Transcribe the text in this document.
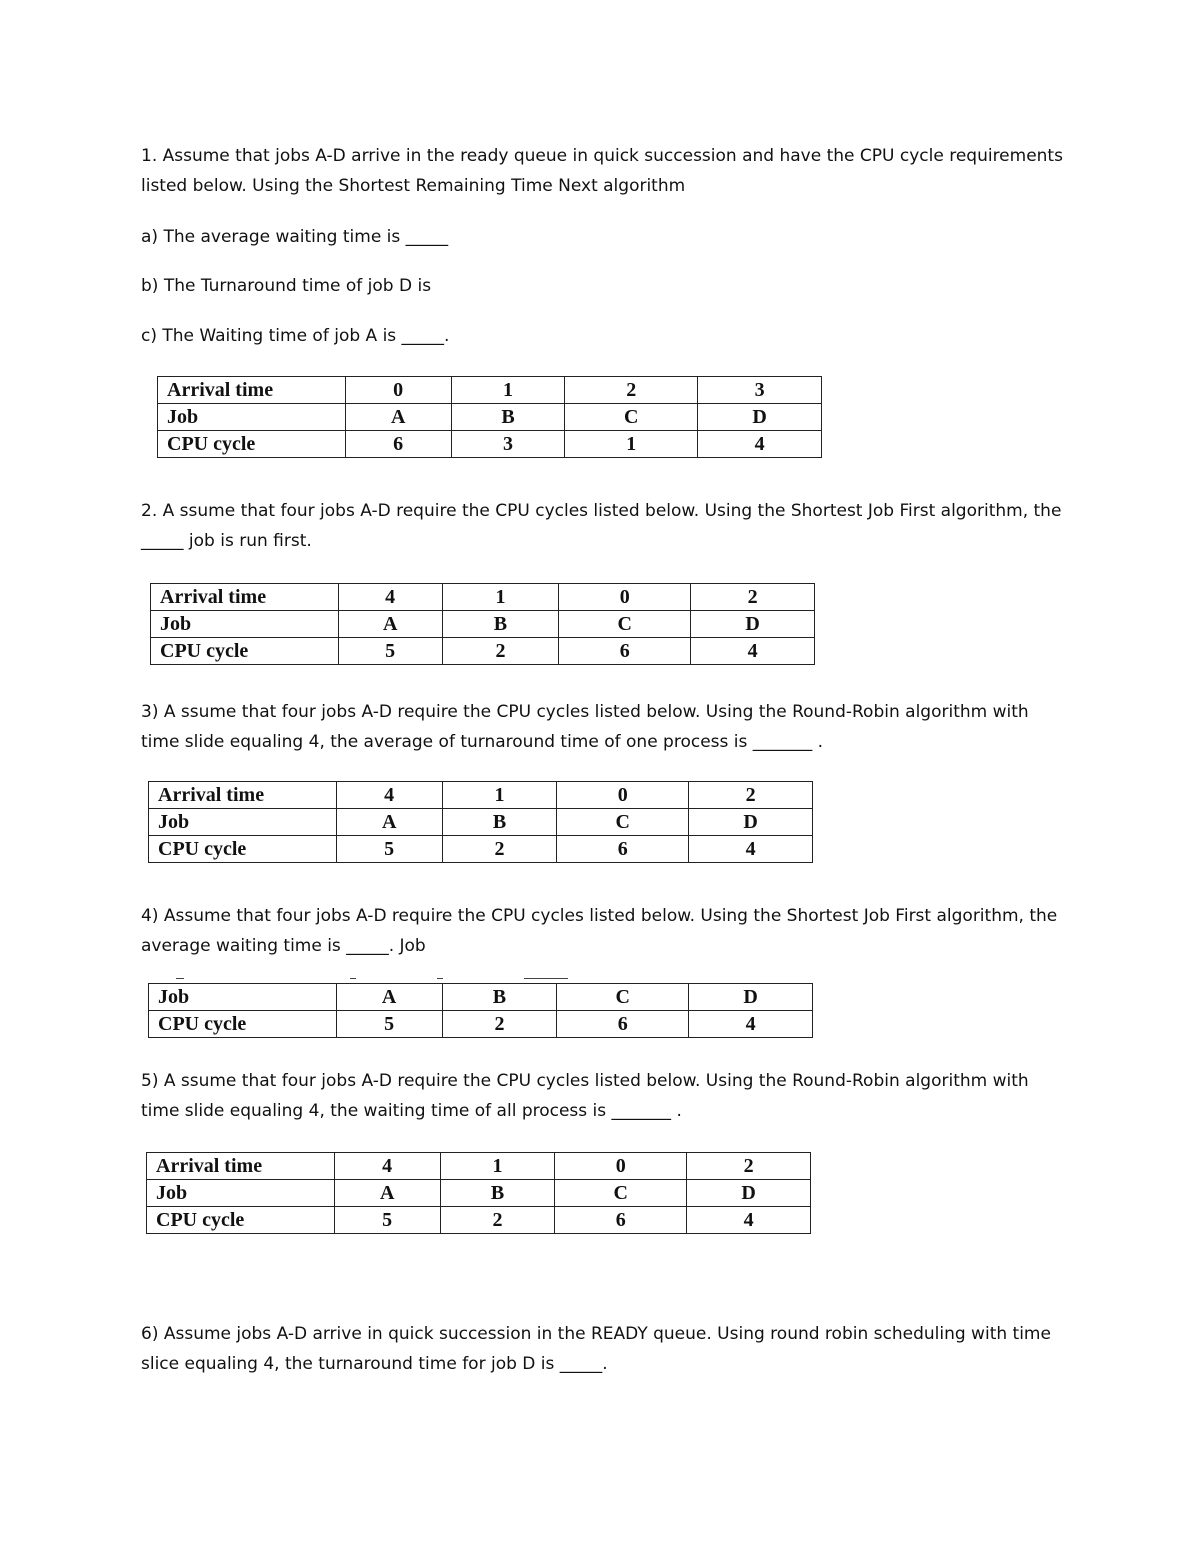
1. Assume that jobs A-D arrive in the ready queue in quick succession and have the CPU cycle requirements listed below. Using the Shortest Remaining Time Next algorithm

a) The average waiting time is _____

b) The Turnaround time of job D is

c) The Waiting time of job A is _____.

Arrival time	0	1	2	3
Job	A	B	C	D
CPU cycle	6	3	1	4

2. A ssume that four jobs A-D require the CPU cycles listed below. Using the Shortest Job First algorithm, the _____ job is run first.

Arrival time	4	1	0	2
Job	A	B	C	D
CPU cycle	5	2	6	4

3) A ssume that four jobs A-D require the CPU cycles listed below. Using the Round-Robin algorithm with time slide equaling 4, the average of turnaround time of one process is _______ .

Arrival time	4	1	0	2
Job	A	B	C	D
CPU cycle	5	2	6	4

4) Assume that four jobs A-D require the CPU cycles listed below. Using the Shortest Job First algorithm, the average waiting time is _____. Job

Job	A	B	C	D
CPU cycle	5	2	6	4

5) A ssume that four jobs A-D require the CPU cycles listed below. Using the Round-Robin algorithm with time slide equaling 4, the waiting time of all process is _______ .

Arrival time	4	1	0	2
Job	A	B	C	D
CPU cycle	5	2	6	4

6) Assume jobs A-D arrive in quick succession in the READY queue. Using round robin scheduling with time slice equaling 4, the turnaround time for job D is _____.
